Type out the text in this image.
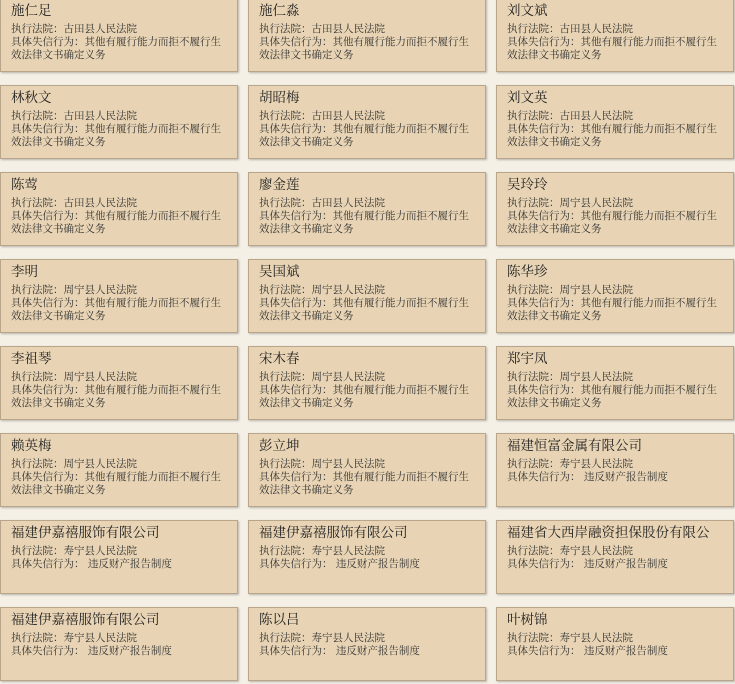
施仁足
执行法院：古田县人民法院
具体失信行为：其他有履行能力而拒不履行生效法律文书确定义务
施仁淼
执行法院：古田县人民法院
具体失信行为：其他有履行能力而拒不履行生效法律文书确定义务
刘文斌
执行法院：古田县人民法院
具体失信行为：其他有履行能力而拒不履行生效法律文书确定义务
林秋文
执行法院：古田县人民法院
具体失信行为：其他有履行能力而拒不履行生效法律文书确定义务
胡昭梅
执行法院：古田县人民法院
具体失信行为：其他有履行能力而拒不履行生效法律文书确定义务
刘文英
执行法院：古田县人民法院
具体失信行为：其他有履行能力而拒不履行生效法律文书确定义务
陈莺
执行法院：古田县人民法院
具体失信行为：其他有履行能力而拒不履行生效法律文书确定义务
廖金莲
执行法院：古田县人民法院
具体失信行为：其他有履行能力而拒不履行生效法律文书确定义务
吴玲玲
执行法院：周宁县人民法院
具体失信行为：其他有履行能力而拒不履行生效法律文书确定义务
李明
执行法院：周宁县人民法院
具体失信行为：其他有履行能力而拒不履行生效法律文书确定义务
吴国斌
执行法院：周宁县人民法院
具体失信行为：其他有履行能力而拒不履行生效法律文书确定义务
陈华珍
执行法院：周宁县人民法院
具体失信行为：其他有履行能力而拒不履行生效法律文书确定义务
李祖琴
执行法院：周宁县人民法院
具体失信行为：其他有履行能力而拒不履行生效法律文书确定义务
宋木春
执行法院：周宁县人民法院
具体失信行为：其他有履行能力而拒不履行生效法律文书确定义务
郑宇凤
执行法院：周宁县人民法院
具体失信行为：其他有履行能力而拒不履行生效法律文书确定义务
赖英梅
执行法院：周宁县人民法院
具体失信行为：其他有履行能力而拒不履行生效法律文书确定义务
彭立坤
执行法院：周宁县人民法院
具体失信行为：其他有履行能力而拒不履行生效法律文书确定义务
福建恒富金属有限公司
执行法院：寿宁县人民法院
具体失信行为： 违反财产报告制度
福建伊嘉禧服饰有限公司
执行法院：寿宁县人民法院
具体失信行为： 违反财产报告制度
福建伊嘉禧服饰有限公司
执行法院：寿宁县人民法院
具体失信行为： 违反财产报告制度
福建省大西岸融资担保股份有限公
执行法院：寿宁县人民法院
具体失信行为： 违反财产报告制度
福建伊嘉禧服饰有限公司
执行法院：寿宁县人民法院
具体失信行为： 违反财产报告制度
陈以吕
执行法院：寿宁县人民法院
具体失信行为： 违反财产报告制度
叶树锦
执行法院：寿宁县人民法院
具体失信行为： 违反财产报告制度
